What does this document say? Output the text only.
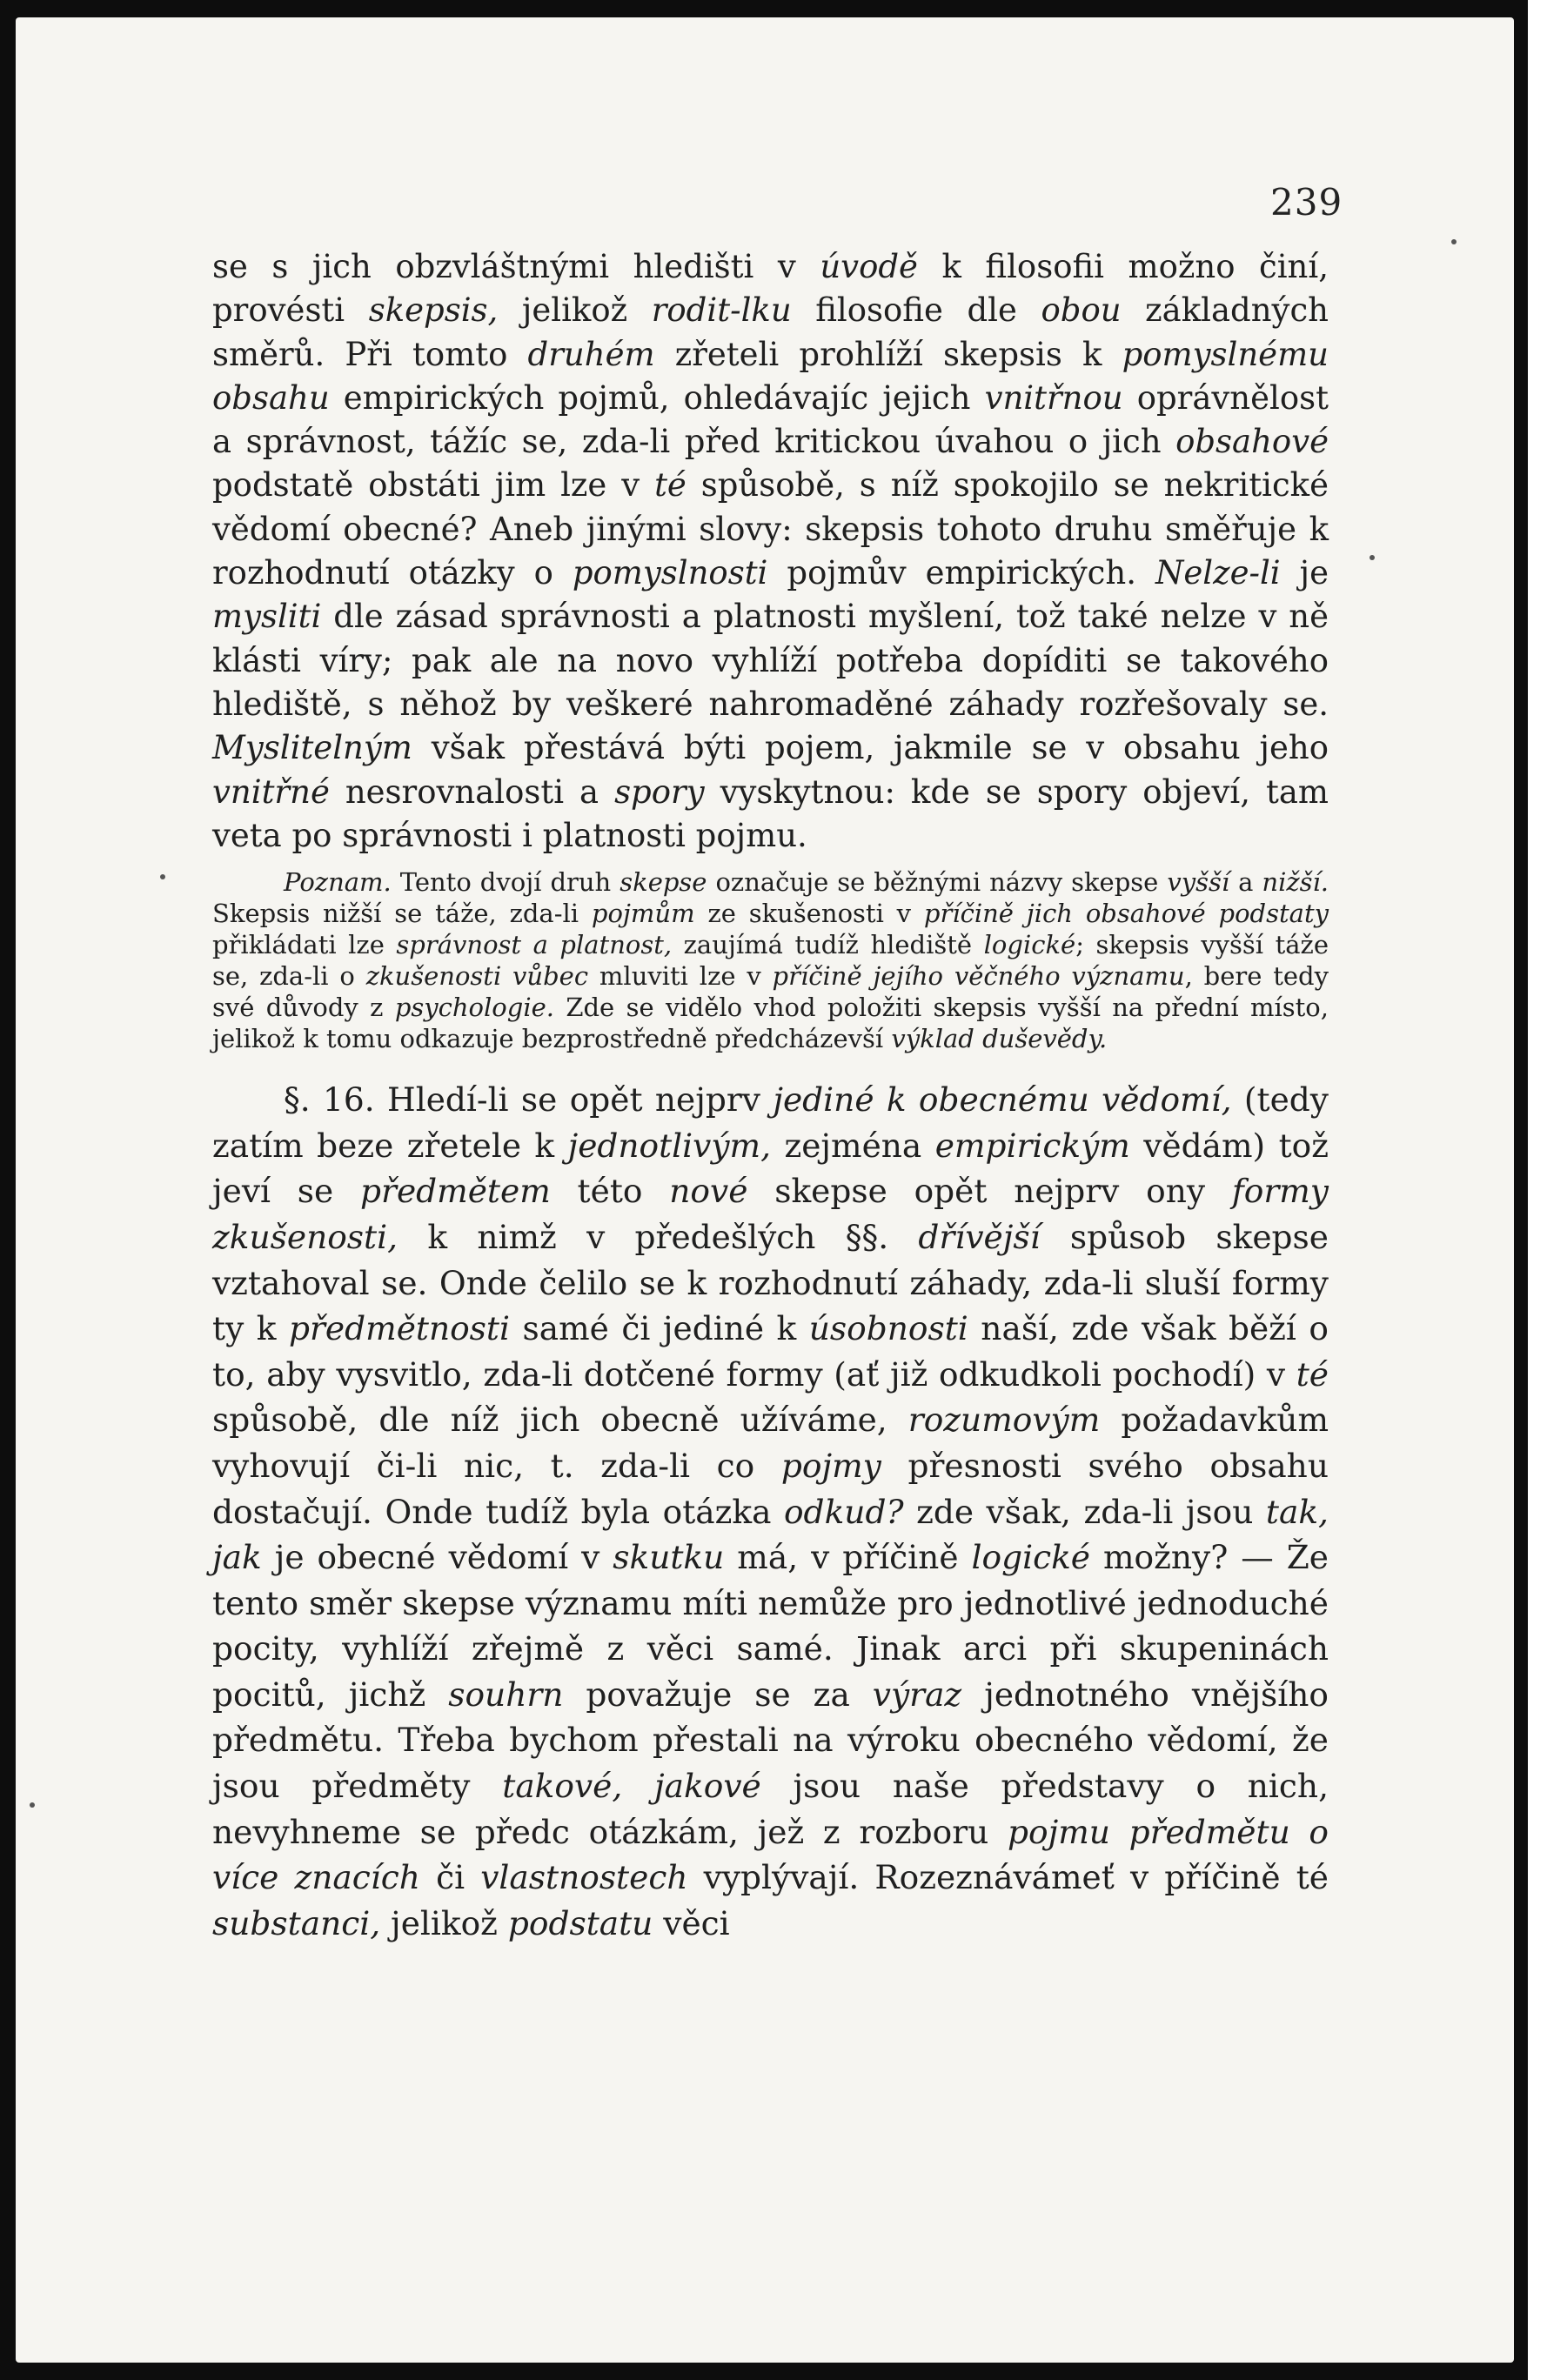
239

se s jich obzvláštnými hledišti v úvodě k filosofii možno činí, provésti skepsis, jelikož rodit-lku filosofie dle obou základných směrů. Při tomto druhém zřeteli prohlíží skepsis k pomyslnému obsahu empirických pojmů, ohledávajíc jejich vnitřnou oprávnělost a správnost, tážíc se, zda-li před kritickou úvahou o jich obsahové podstatě obstáti jim lze v té spůsobě, s níž spokojilo se nekritické vědomí obecné? Aneb jinými slovy: skepsis tohoto druhu směřuje k rozhodnutí otázky o pomyslnosti pojmův empirických. Nelze-li je mysliti dle zásad správnosti a platnosti myšlení, tož také nelze v ně klásti víry; pak ale na novo vyhlíží potřeba dopíditi se takového hlediště, s něhož by veškeré nahromaděné záhady rozřešovaly se. Myslitelným však přestává býti pojem, jakmile se v obsahu jeho vnitřné nesrovnalosti a spory vyskytnou: kde se spory objeví, tam veta po správnosti i platnosti pojmu.

Poznam. Tento dvojí druh skepse označuje se běžnými názvy skepse vyšší a nižší. Skepsis nižší se táže, zda-li pojmům ze skušenosti v příčině jich obsahové podstaty přikládati lze správnost a platnost, zaujímá tudíž hlediště logické; skepsis vyšší táže se, zda-li o zkušenosti vůbec mluviti lze v příčině jejího věčného významu, bere tedy své důvody z psychologie. Zde se vidělo vhod položiti skepsis vyšší na přední místo, jelikož k tomu odkazuje bezprostředně předcházevší výklad duševědy.

§. 16. Hledí-li se opět nejprv jediné k obecnému vědomí, (tedy zatím beze zřetele k jednotlivým, zejména empirickým vědám) tož jeví se předmětem této nové skepse opět nejprv ony formy zkušenosti, k nimž v předešlých §§. dřívější spůsob skepse vztahoval se. Onde čelilo se k rozhodnutí záhady, zda-li sluší formy ty k předmětnosti samé či jediné k úsobnosti naší, zde však běží o to, aby vysvitlo, zda-li dotčené formy (ať již odkudkoli pochodí) v té spůsobě, dle níž jich obecně užíváme, rozumovým požadavkům vyhovují či-li nic, t. zda-li co pojmy přesnosti svého obsahu dostačují. Onde tudíž byla otázka odkud? zde však, zda-li jsou tak, jak je obecné vědomí v skutku má, v příčině logické možny? — Že tento směr skepse významu míti nemůže pro jednotlivé jednoduché pocity, vyhlíží zřejmě z věci samé. Jinak arci při skupeninách pocitů, jichž souhrn považuje se za výraz jednotného vnějšího předmětu. Třeba bychom přestali na výroku obecného vědomí, že jsou předměty takové, jakové jsou naše představy o nich, nevyhneme se předc otázkám, jež z rozboru pojmu předmětu o více znacích či vlastnostech vyplývají. Rozeznávámeť v příčině té substanci, jelikož podstatu věci
